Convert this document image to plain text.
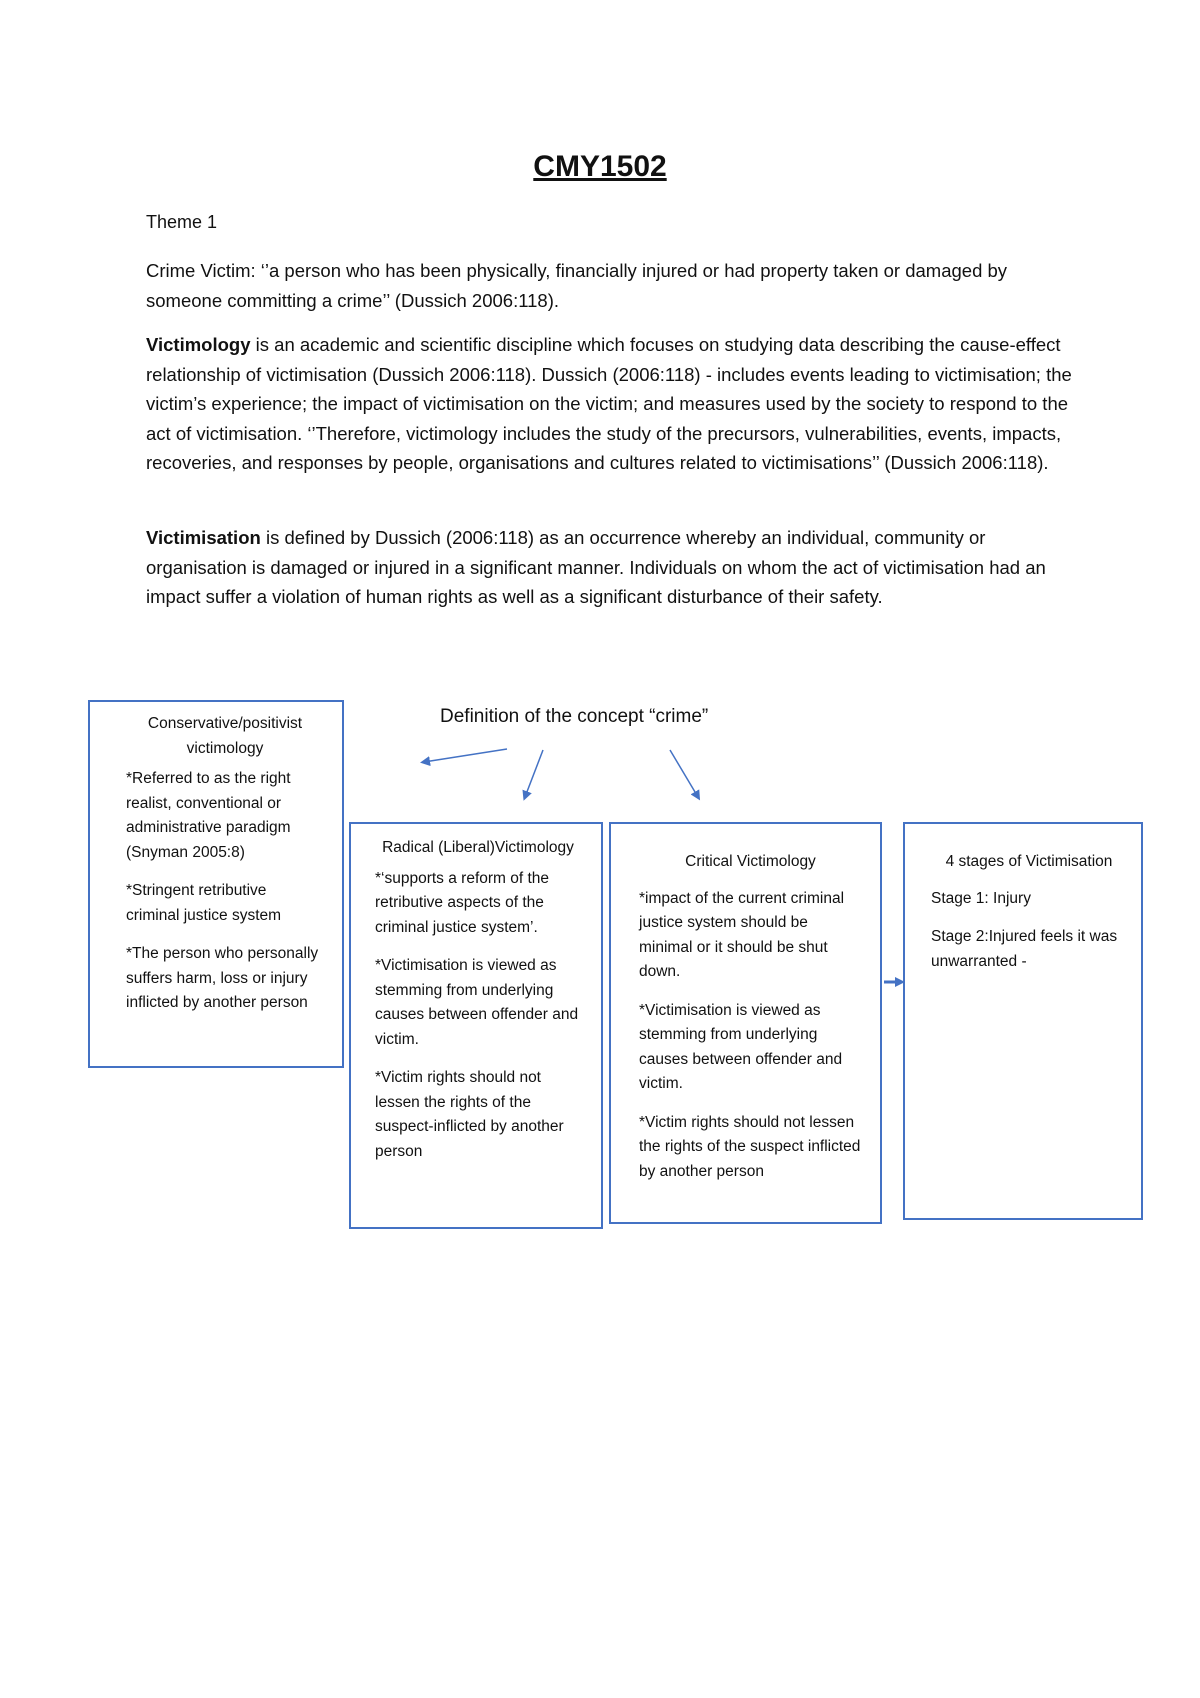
CMY1502

Theme 1

Crime Victim: ‘’a person who has been physically, financially injured or had property taken or damaged by someone committing a crime’’ (Dussich 2006:118).

Victimology is an academic and scientific discipline which focuses on studying data describing the cause-effect relationship of victimisation (Dussich 2006:118). Dussich (2006:118) - includes events leading to victimisation; the victim’s experience; the impact of victimisation on the victim; and measures used by the society to respond to the act of victimisation. ‘’Therefore, victimology includes the study of the precursors, vulnerabilities, events, impacts, recoveries, and responses by people, organisations and cultures related to victimisations’’ (Dussich 2006:118).

Victimisation is defined by Dussich (2006:118) as an occurrence whereby an individual, community or organisation is damaged or injured in a significant manner. Individuals on whom the act of victimisation had an impact suffer a violation of human rights as well as a significant disturbance of their safety.

Definition of the concept “crime”

Conservative/positivist victimology

*Referred to as the right realist, conventional or administrative paradigm (Snyman 2005:8)

*Stringent retributive criminal justice system

*The person who personally suffers harm, loss or injury inflicted by another person

Radical (Liberal)Victimology

*‘supports a reform of the retributive aspects of the criminal justice system’.

*Victimisation is viewed as stemming from underlying causes between offender and victim.

*Victim rights should not lessen the rights of the suspect-inflicted by another person

Critical Victimology

*impact of the current criminal justice system should be minimal or it should be shut down.

*Victimisation is viewed as stemming from underlying causes between offender and victim.

*Victim rights should not lessen the rights of the suspect inflicted by another person

4 stages of Victimisation

Stage 1: Injury

Stage 2:Injured feels it was unwarranted -
